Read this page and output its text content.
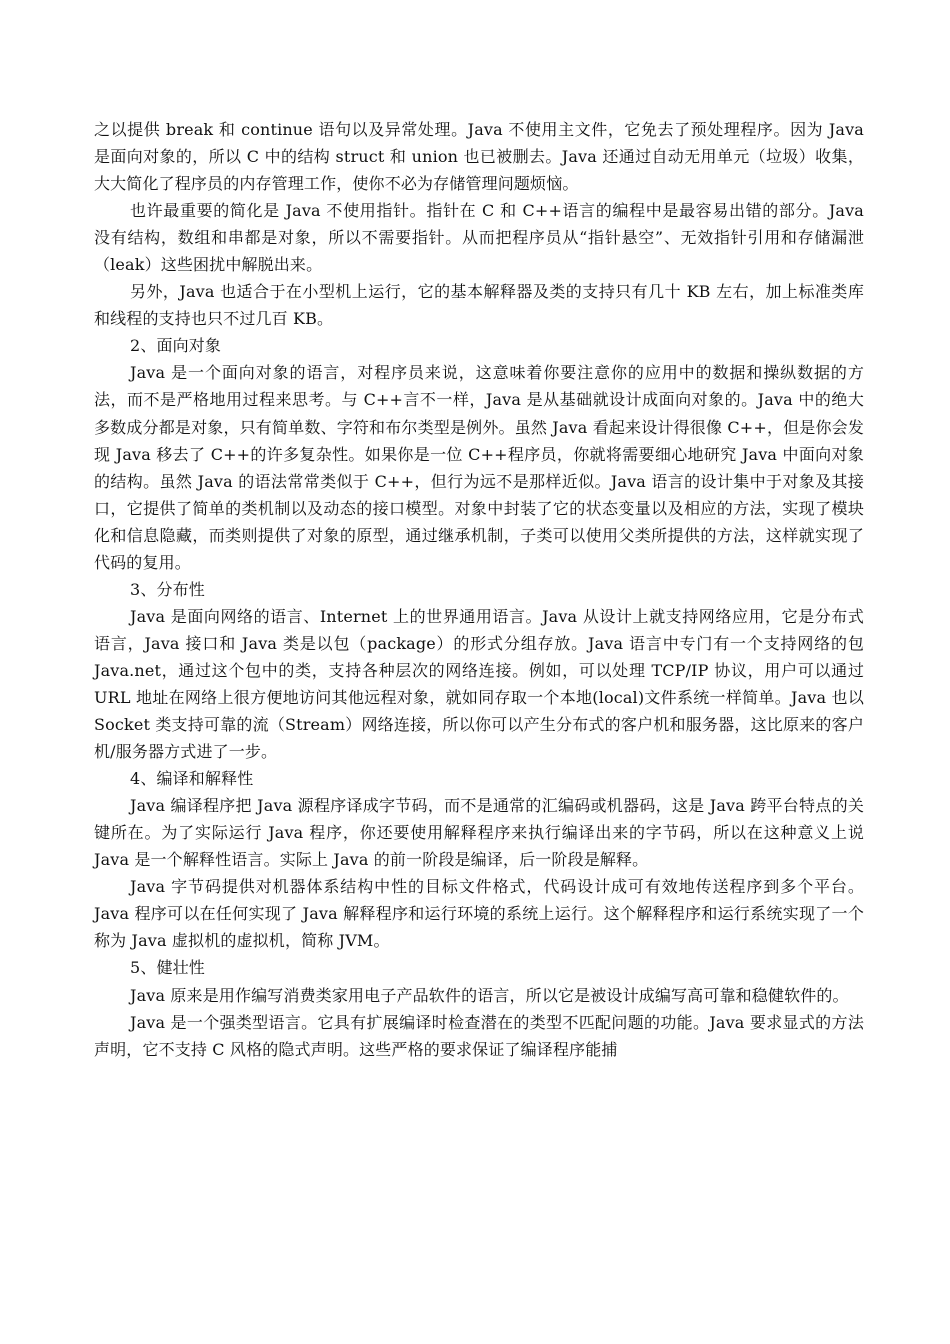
之以提供 break 和 continue 语句以及异常处理。Java 不使用主文件，它免去了预处理程序。因为 Java 是面向对象的，所以 C 中的结构 struct 和 union 也已被删去。Java 还通过自动无用单元（垃圾）收集，大大简化了程序员的内存管理工作，使你不必为存储管理问题烦恼。

也许最重要的简化是 Java 不使用指针。指针在 C 和 C++语言的编程中是最容易出错的部分。Java 没有结构，数组和串都是对象，所以不需要指针。从而把程序员从“指针悬空”、无效指针引用和存储漏泄（leak）这些困扰中解脱出来。

另外，Java 也适合于在小型机上运行，它的基本解释器及类的支持只有几十 KB 左右，加上标准类库和线程的支持也只不过几百 KB。

2、面向对象

Java 是一个面向对象的语言，对程序员来说，这意味着你要注意你的应用中的数据和操纵数据的方法，而不是严格地用过程来思考。与 C++言不一样，Java 是从基础就设计成面向对象的。Java 中的绝大多数成分都是对象，只有简单数、字符和布尔类型是例外。虽然 Java 看起来设计得很像 C++，但是你会发现 Java 移去了 C++的许多复杂性。如果你是一位 C++程序员，你就将需要细心地研究 Java 中面向对象的结构。虽然 Java 的语法常常类似于 C++，但行为远不是那样近似。Java 语言的设计集中于对象及其接口，它提供了简单的类机制以及动态的接口模型。对象中封装了它的状态变量以及相应的方法，实现了模块化和信息隐藏，而类则提供了对象的原型，通过继承机制，子类可以使用父类所提供的方法，这样就实现了代码的复用。

3、分布性

Java 是面向网络的语言、Internet 上的世界通用语言。Java 从设计上就支持网络应用，它是分布式语言，Java 接口和 Java 类是以包（package）的形式分组存放。Java 语言中专门有一个支持网络的包 Java.net，通过这个包中的类，支持各种层次的网络连接。例如，可以处理 TCP/IP 协议，用户可以通过 URL 地址在网络上很方便地访问其他远程对象，就如同存取一个本地(local)文件系统一样简单。Java 也以 Socket 类支持可靠的流（Stream）网络连接，所以你可以产生分布式的客户机和服务器，这比原来的客户机/服务器方式进了一步。

4、编译和解释性

Java 编译程序把 Java 源程序译成字节码，而不是通常的汇编码或机器码，这是 Java 跨平台特点的关键所在。为了实际运行 Java 程序，你还要使用解释程序来执行编译出来的字节码，所以在这种意义上说 Java 是一个解释性语言。实际上 Java 的前一阶段是编译，后一阶段是解释。

Java 字节码提供对机器体系结构中性的目标文件格式，代码设计成可有效地传送程序到多个平台。Java 程序可以在任何实现了 Java 解释程序和运行环境的系统上运行。这个解释程序和运行系统实现了一个称为 Java 虚拟机的虚拟机，简称 JVM。

5、健壮性

Java 原来是用作编写消费类家用电子产品软件的语言，所以它是被设计成编写高可靠和稳健软件的。

Java 是一个强类型语言。它具有扩展编译时检查潜在的类型不匹配问题的功能。Java 要求显式的方法声明，它不支持 C 风格的隐式声明。这些严格的要求保证了编译程序能捕
